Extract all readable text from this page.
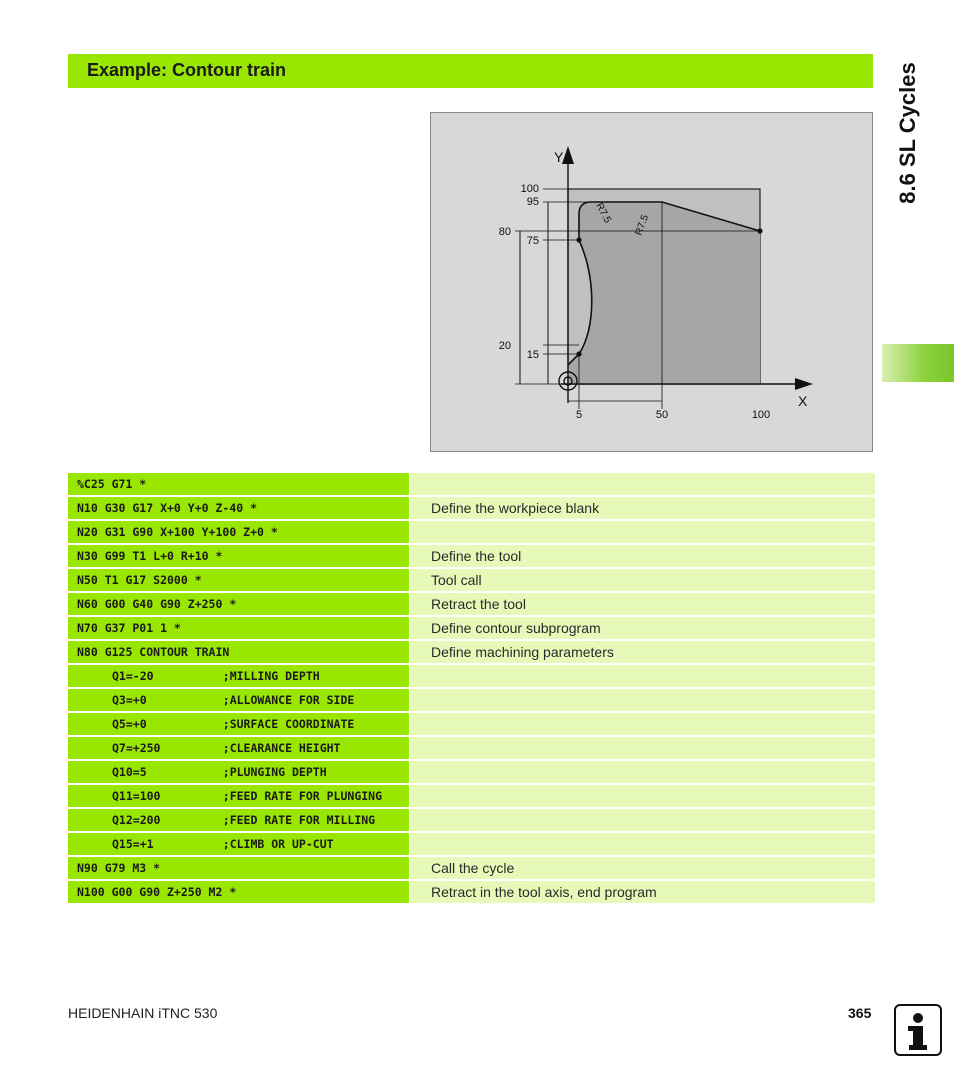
Example: Contour train	8.6 SL Cycles
Y
X
100
95
80
75
20
15
5	50	100
R7.5
R7.5
%C25 G71 *
N10 G30 G17 X+0 Y+0 Z-40 *	Define the workpiece blank
N20 G31 G90 X+100 Y+100 Z+0 *
N30 G99 T1 L+0 R+10 *	Define the tool
N50 T1 G17 S2000 *	Tool call
N60 G00 G40 G90 Z+250 *	Retract the tool
N70 G37 P01 1 *	Define contour subprogram
N80 G125 CONTOUR TRAIN	Define machining parameters
Q1=-20          ;MILLING DEPTH
Q3=+0           ;ALLOWANCE FOR SIDE
Q5=+0           ;SURFACE COORDINATE
Q7=+250         ;CLEARANCE HEIGHT
Q10=5           ;PLUNGING DEPTH
Q11=100         ;FEED RATE FOR PLUNGING
Q12=200         ;FEED RATE FOR MILLING
Q15=+1          ;CLIMB OR UP-CUT
N90 G79 M3 *	Call the cycle
N100 G00 G90 Z+250 M2 *	Retract in the tool axis, end program
HEIDENHAIN iTNC 530	365
